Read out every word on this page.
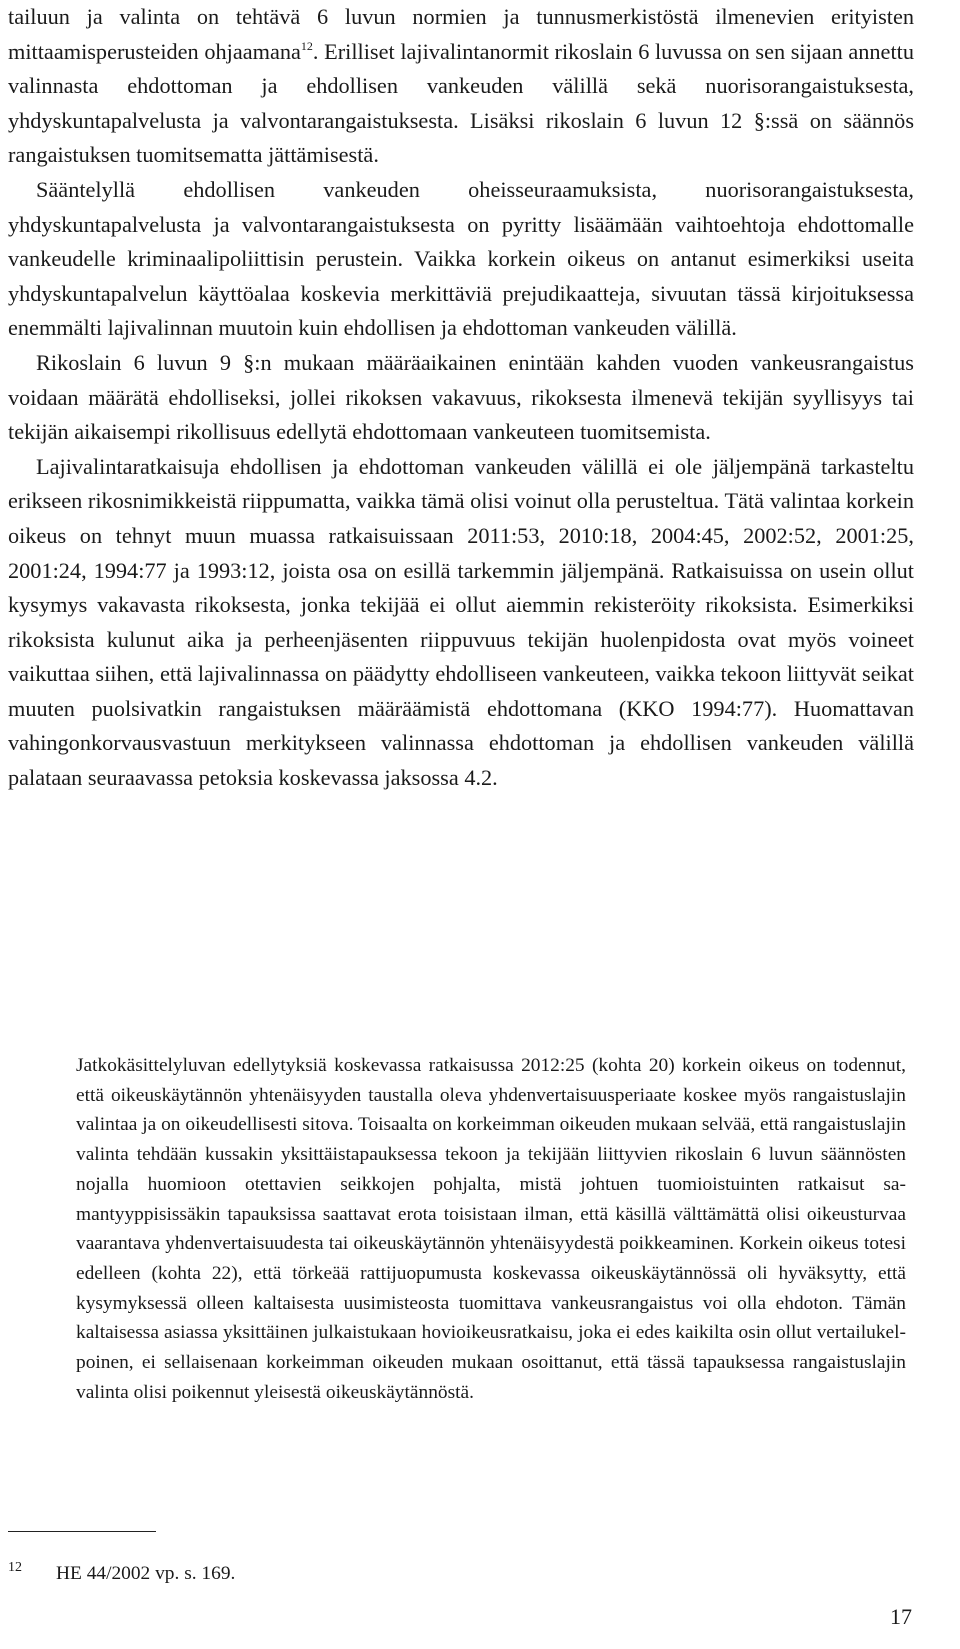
tailuun ja valinta on tehtävä 6 luvun normien ja tunnusmerkistöstä ilmenevien erityisten mittaamisperusteiden ohjaamana$^{12}$. Erilliset lajivalintanormit rikoslain 6 luvussa on sen sijaan annettu valinnasta ehdottoman ja ehdollisen vankeuden välillä sekä nuorisorangaistuksesta, yhdyskuntapalvelusta ja valvontarangaistuksesta. Lisäksi rikoslain 6 luvun 12 §:ssä on säännös rangaistuksen tuomitsematta jättämisestä.

Sääntelyllä ehdollisen vankeuden oheisseuraamuksista, nuorisorangaistuksesta, yhdyskuntapalvelusta ja valvontarangaistuksesta on pyritty lisäämään vaihtoehtoja ehdottomalle vankeudelle kriminaalipoliittisin perustein. Vaikka korkein oikeus on antanut esimerkiksi useita yhdyskuntapalvelun käyttöalaa koskevia merkittäviä prejudikaatteja, sivuutan tässä kirjoituksessa enemmälti lajivalinnan muutoin kuin ehdollisen ja ehdottoman vankeuden välillä.

Rikoslain 6 luvun 9 §:n mukaan määräaikainen enintään kahden vuoden vankeusrangaistus voidaan määrätä ehdolliseksi, jollei rikoksen vakavuus, rikoksesta ilmenevä tekijän syyllisyys tai tekijän aikaisempi rikollisuus edellytä ehdottomaan vankeuteen tuomitsemista.

Lajivalintaratkaisuja ehdollisen ja ehdottoman vankeuden välillä ei ole jäljempänä tarkasteltu erikseen rikosnimikkeistä riippumatta, vaikka tämä olisi voinut olla perusteltua. Tätä valintaa korkein oikeus on tehnyt muun muassa ratkaisuissaan 2011:53, 2010:18, 2004:45, 2002:52, 2001:25, 2001:24, 1994:77 ja 1993:12, joista osa on esillä tarkemmin jäljempänä. Ratkaisuissa on usein ollut kysymys vakavasta rikoksesta, jonka tekijää ei ollut aiemmin rekisteröity rikoksista. Esimerkiksi rikoksista kulunut aika ja perheenjäsenten riippuvuus tekijän huolenpidosta ovat myös voineet vaikuttaa siihen, että lajivalinnassa on päädytty ehdolliseen vankeuteen, vaikka tekoon liittyvät seikat muuten puolsivatkin rangaistuksen määräämistä ehdottomana (KKO 1994:77). Huomattavan vahingonkorvausvastuun merkitykseen valinnassa ehdottoman ja ehdollisen vankeuden välillä palataan seuraavassa petoksia koskevassa jaksossa 4.2.

Jatkokäsittelyluvan edellytyksiä koskevassa ratkaisussa 2012:25 (kohta 20) korkein oikeus on todennut, että oikeuskäytännön yhtenäisyyden taustalla oleva yhdenvertaisuusperiaate koskee myös rangaistuslajin valintaa ja on oikeudellisesti sitova. Toisaalta on korkeimman oikeuden mukaan selvää, että rangaistuslajin valinta tehdään kussakin yksittäistapauksessa tekoon ja tekijään liittyvien rikoslain 6 luvun säännösten nojalla huomioon otettavien seikkojen pohjalta, mistä johtuen tuomioistuinten ratkaisut samantyyppisissäkin tapauksissa saattavat erota toisistaan ilman, että käsillä välttämättä olisi oikeusturvaa vaarantava yhdenvertaisuudesta tai oikeuskäytännön yhtenäisyydestä poikkeaminen. Korkein oikeus totesi edelleen (kohta 22), että törkeää rattijuopumusta koskevassa oikeuskäytännössä oli hyväksytty, että kysymyksessä olleen kaltaisesta uusimisteosta tuomittava vankeusrangaistus voi olla ehdoton. Tämän kaltaisessa asiassa yksittäinen julkaistukaan hovioikeusratkaisu, joka ei edes kaikilta osin ollut vertailukelpoinen, ei sellaisenaan korkeimman oikeuden mukaan osoittanut, että tässä tapauksessa rangaistuslajin valinta olisi poikennut yleisestä oikeuskäytännöstä.

12 HE 44/2002 vp. s. 169.
17
